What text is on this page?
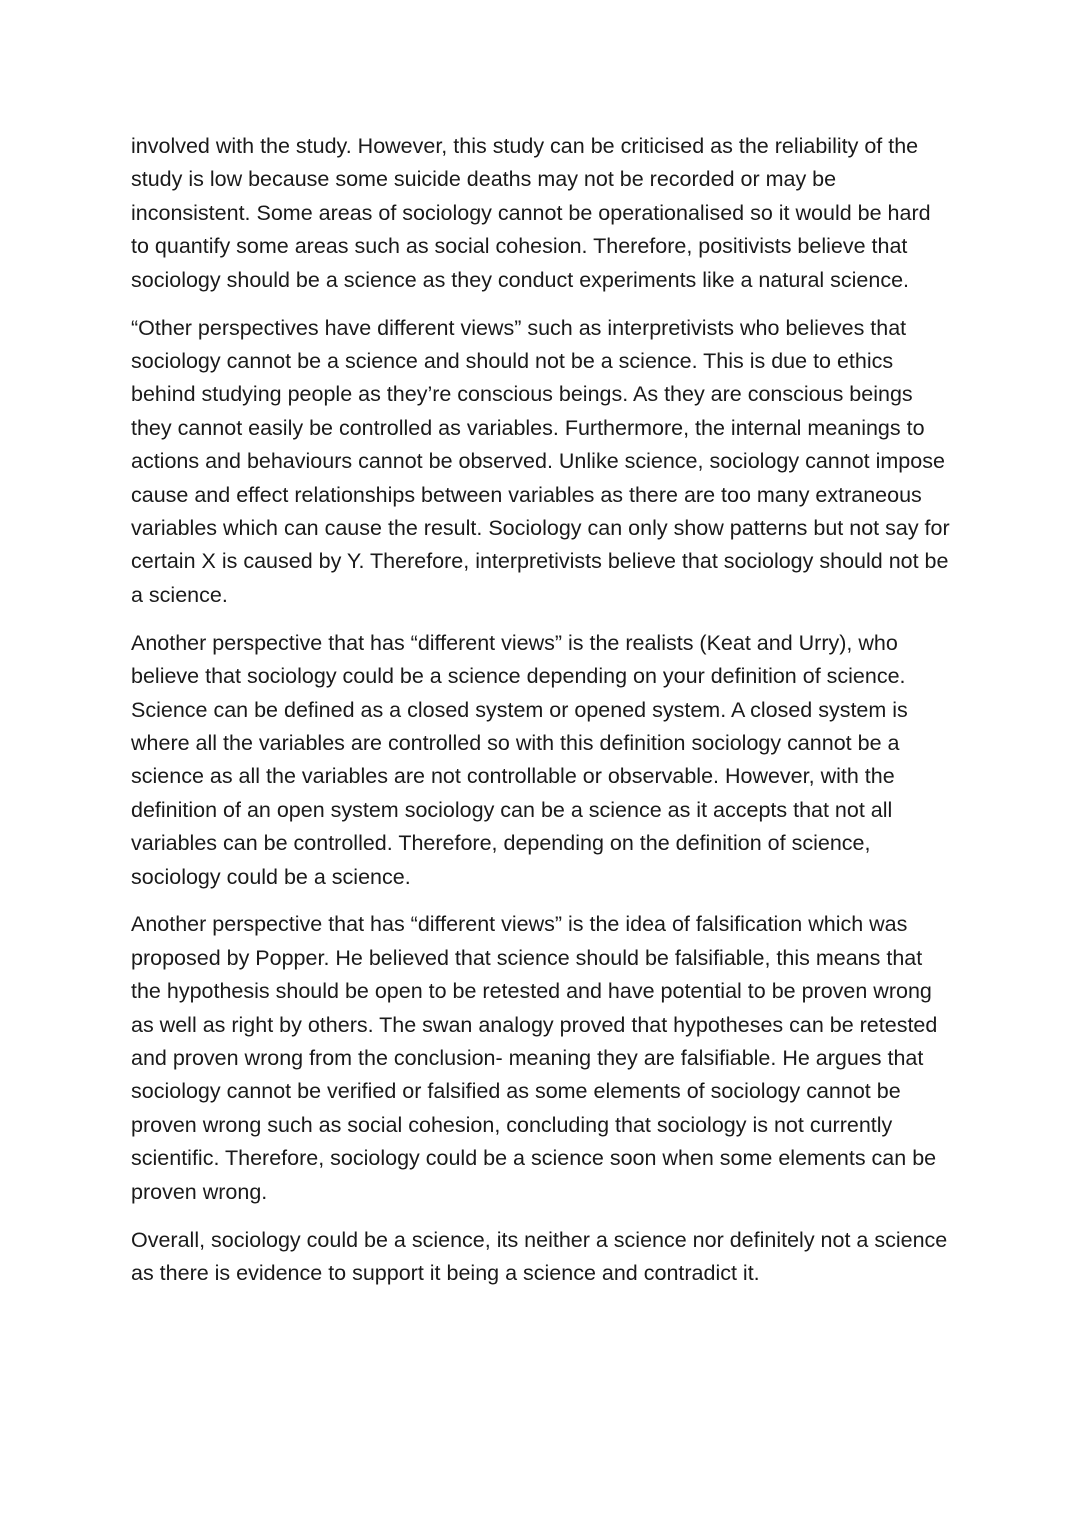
involved with the study. However, this study can be criticised as the reliability of the study is low because some suicide deaths may not be recorded or may be inconsistent. Some areas of sociology cannot be operationalised so it would be hard to quantify some areas such as social cohesion. Therefore, positivists believe that sociology should be a science as they conduct experiments like a natural science.

“Other perspectives have different views” such as interpretivists who believes that sociology cannot be a science and should not be a science. This is due to ethics behind studying people as they’re conscious beings. As they are conscious beings they cannot easily be controlled as variables. Furthermore, the internal meanings to actions and behaviours cannot be observed. Unlike science, sociology cannot impose cause and effect relationships between variables as there are too many extraneous variables which can cause the result. Sociology can only show patterns but not say for certain X is caused by Y. Therefore, interpretivists believe that sociology should not be a science.

Another perspective that has “different views” is the realists (Keat and Urry), who believe that sociology could be a science depending on your definition of science. Science can be defined as a closed system or opened system. A closed system is where all the variables are controlled so with this definition sociology cannot be a science as all the variables are not controllable or observable. However, with the definition of an open system sociology can be a science as it accepts that not all variables can be controlled. Therefore, depending on the definition of science, sociology could be a science.

Another perspective that has “different views” is the idea of falsification which was proposed by Popper. He believed that science should be falsifiable, this means that the hypothesis should be open to be retested and have potential to be proven wrong as well as right by others. The swan analogy proved that hypotheses can be retested and proven wrong from the conclusion- meaning they are falsifiable. He argues that sociology cannot be verified or falsified as some elements of sociology cannot be proven wrong such as social cohesion, concluding that sociology is not currently scientific. Therefore, sociology could be a science soon when some elements can be proven wrong.

Overall, sociology could be a science, its neither a science nor definitely not a science as there is evidence to support it being a science and contradict it.
